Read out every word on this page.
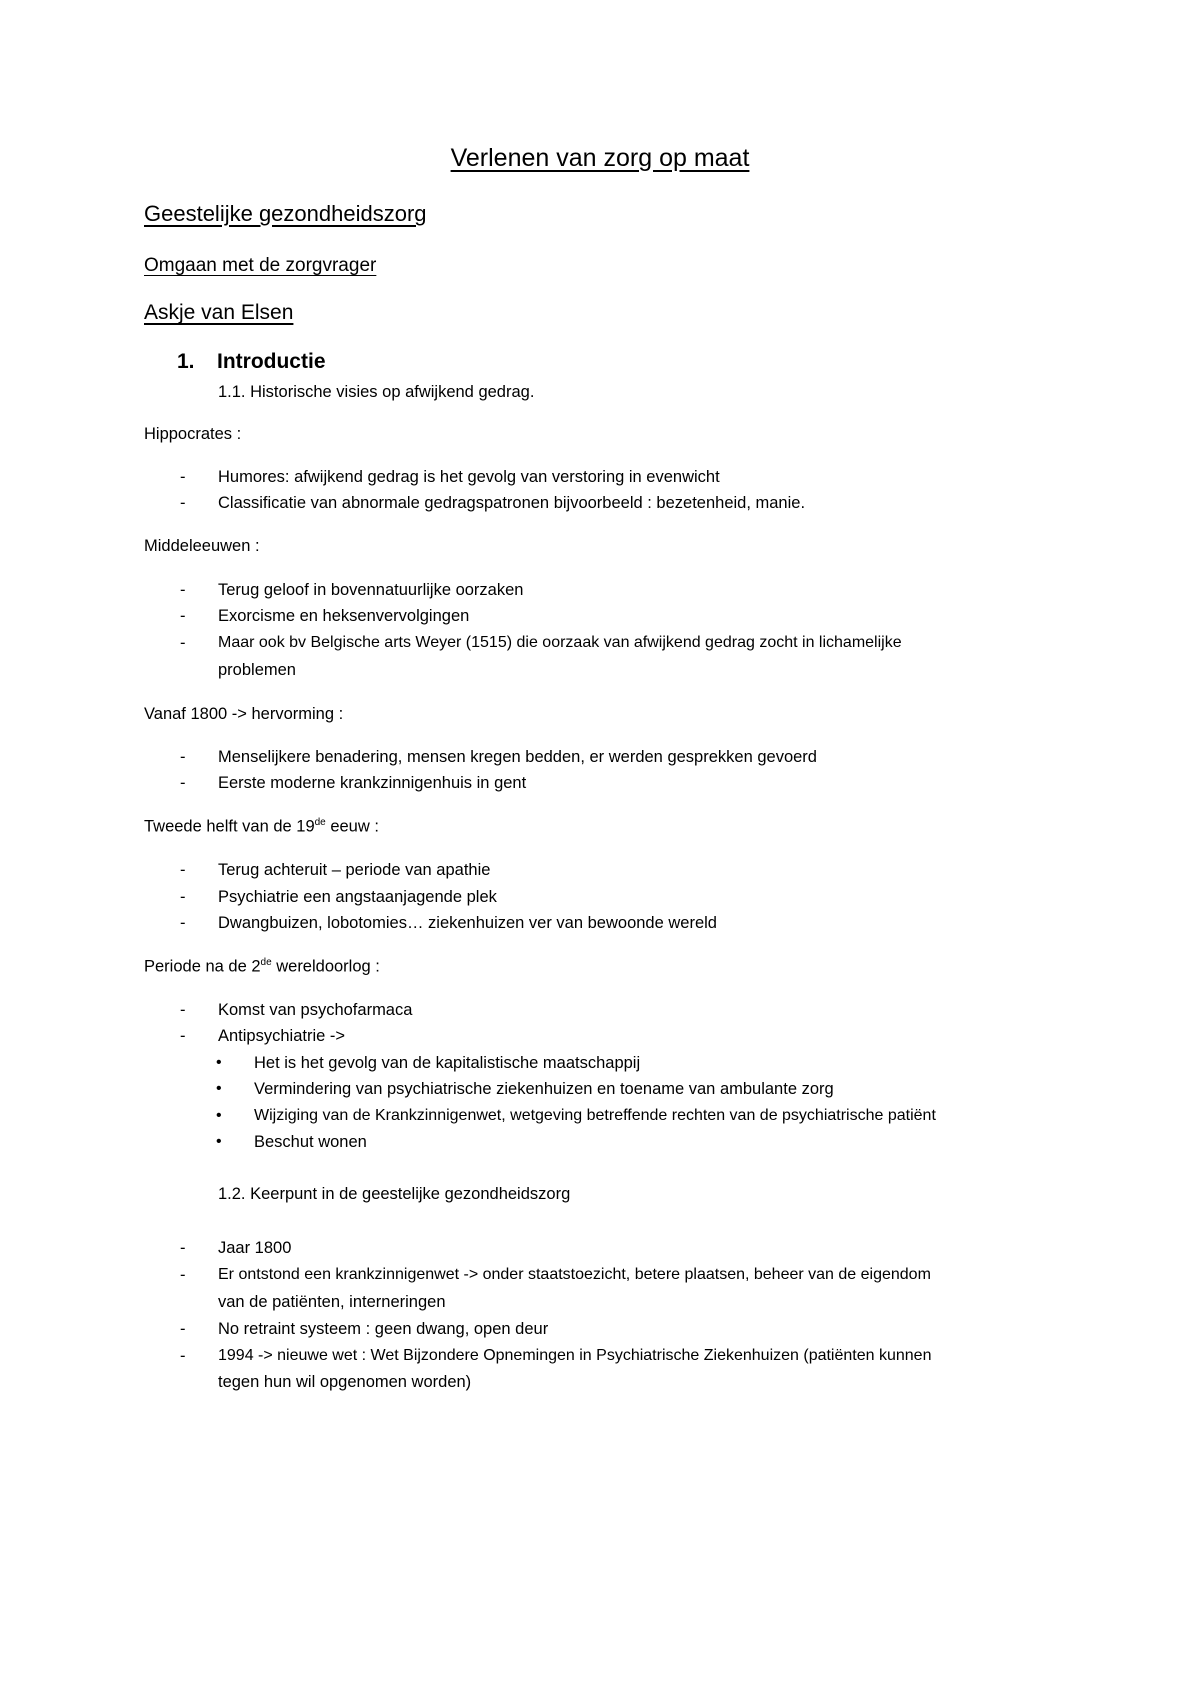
Verlenen van zorg op maat
Geestelijke gezondheidszorg
Omgaan met de zorgvrager
Askje van Elsen
1. Introductie
1.1. Historische visies op afwijkend gedrag.
Hippocrates :
- Humores: afwijkend gedrag is het gevolg van verstoring in evenwicht
- Classificatie van abnormale gedragspatronen bijvoorbeeld : bezetenheid, manie.
Middeleeuwen :
- Terug geloof in bovennatuurlijke oorzaken
- Exorcisme en heksenvervolgingen
- Maar ook bv Belgische arts Weyer (1515) die oorzaak van afwijkend gedrag zocht in lichamelijke
problemen
Vanaf 1800 -> hervorming :
- Menselijkere benadering, mensen kregen bedden, er werden gesprekken gevoerd
- Eerste moderne krankzinnigenhuis in gent
Tweede helft van de 19de eeuw :
- Terug achteruit – periode van apathie
- Psychiatrie een angstaanjagende plek
- Dwangbuizen, lobotomies… ziekenhuizen ver van bewoonde wereld
Periode na de 2de wereldoorlog :
- Komst van psychofarmaca
- Antipsychiatrie ->
• Het is het gevolg van de kapitalistische maatschappij
• Vermindering van psychiatrische ziekenhuizen en toename van ambulante zorg
• Wijziging van de Krankzinnigenwet, wetgeving betreffende rechten van de psychiatrische patiënt
• Beschut wonen
1.2. Keerpunt in de geestelijke gezondheidszorg
- Jaar 1800
- Er ontstond een krankzinnigenwet -> onder staatstoezicht, betere plaatsen, beheer van de eigendom
van de patiënten, interneringen
- No retraint systeem : geen dwang, open deur
- 1994 -> nieuwe wet : Wet Bijzondere Opnemingen in Psychiatrische Ziekenhuizen (patiënten kunnen
tegen hun wil opgenomen worden)
